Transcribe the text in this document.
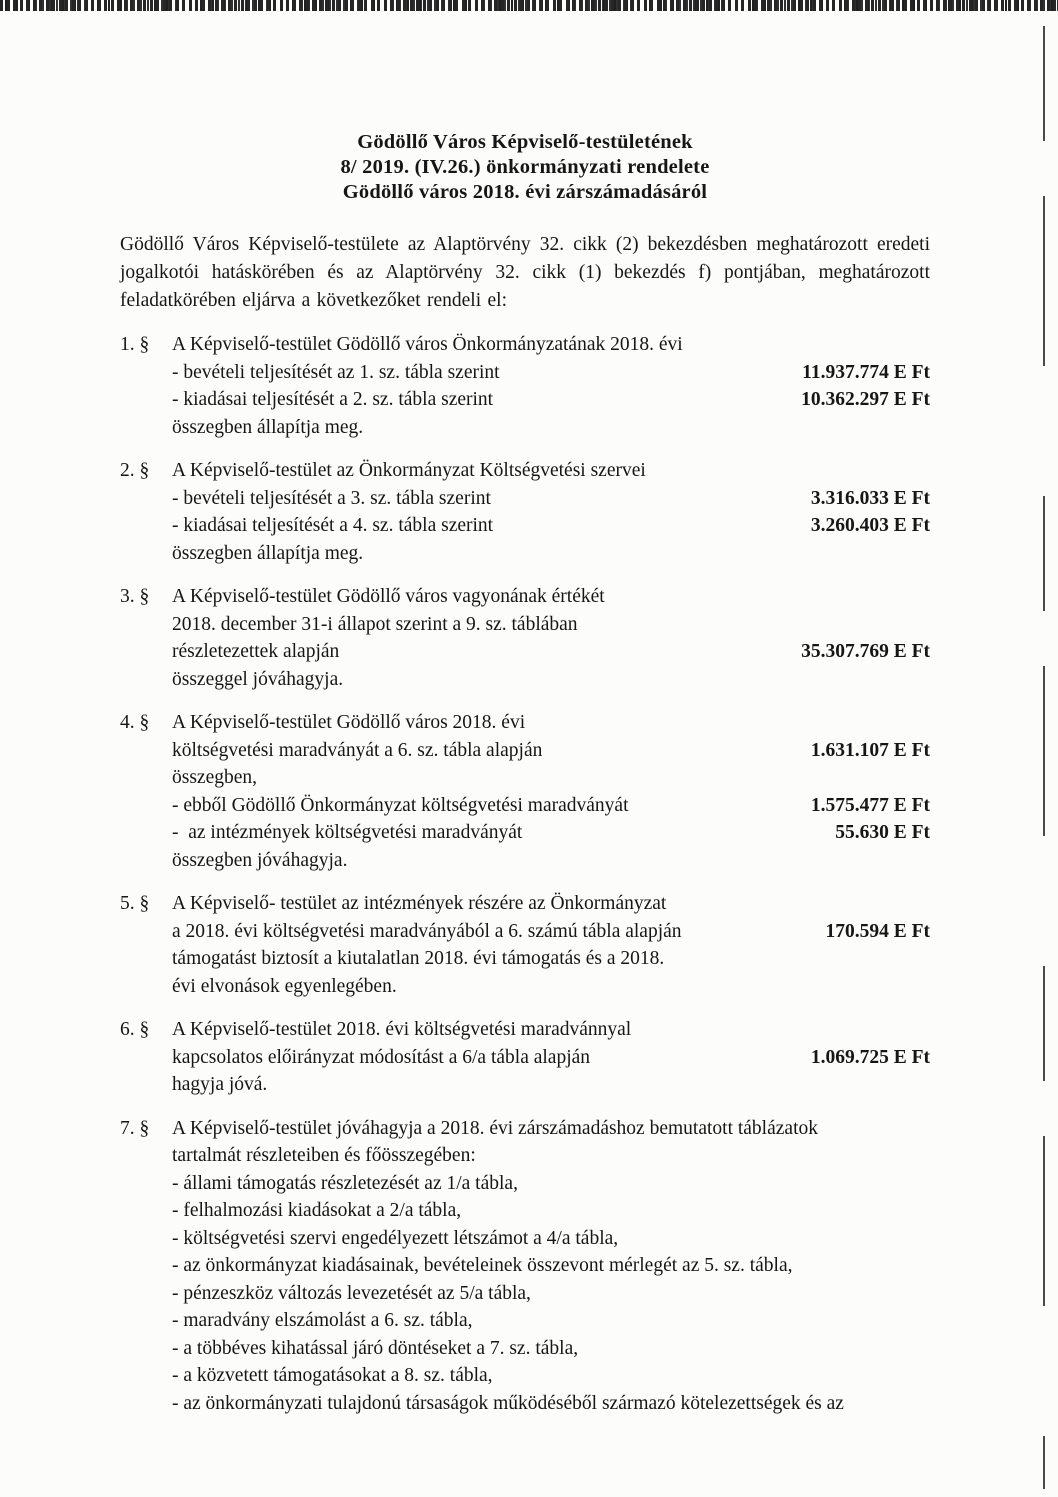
Gödöllő Város Képviselő-testületének
8/ 2019. (IV.26.) önkormányzati rendelete
Gödöllő város 2018. évi zárszámadásáról

Gödöllő Város Képviselő-testülete az Alaptörvény 32. cikk (2) bekezdésben meghatározott eredeti jogalkotói hatáskörében és az Alaptörvény 32. cikk (1) bekezdés f) pontjában, meghatározott feladatkörében eljárva a következőket rendeli el:

1. §	A Képviselő-testület Gödöllő város Önkormányzatának 2018. évi
- bevételi teljesítését az 1. sz. tábla szerint	11.937.774 E Ft
- kiadásai teljesítését a 2. sz. tábla szerint	10.362.297 E Ft
összegben állapítja meg.
2. §	A Képviselő-testület az Önkormányzat Költségvetési szervei
- bevételi teljesítését a 3. sz. tábla szerint	3.316.033 E Ft
- kiadásai teljesítését a 4. sz. tábla szerint	3.260.403 E Ft
összegben állapítja meg.
3. §	A Képviselő-testület Gödöllő város vagyonának értékét
2018. december 31-i állapot szerint a 9. sz. táblában
részletezettek alapján	35.307.769 E Ft
összeggel jóváhagyja.
4. §	A Képviselő-testület Gödöllő város 2018. évi
költségvetési maradványát a 6. sz. tábla alapján	1.631.107 E Ft
összegben,
- ebből Gödöllő Önkormányzat költségvetési maradványát	1.575.477 E Ft
-  az intézmények költségvetési maradványát	55.630 E Ft
összegben jóváhagyja.
5. §	A Képviselő- testület az intézmények részére az Önkormányzat
a 2018. évi költségvetési maradványából a 6. számú tábla alapján	170.594 E Ft
támogatást biztosít a kiutalatlan 2018. évi támogatás és a 2018.
évi elvonások egyenlegében.
6. §	A Képviselő-testület 2018. évi költségvetési maradvánnyal
kapcsolatos előirányzat módosítást a 6/a tábla alapján	1.069.725 E Ft
hagyja jóvá.
7. §	A Képviselő-testület jóváhagyja a 2018. évi zárszámadáshoz bemutatott táblázatok
tartalmát részleteiben és főösszegében:
- állami támogatás részletezését az 1/a tábla,
- felhalmozási kiadásokat a 2/a tábla,
- költségvetési szervi engedélyezett létszámot a 4/a tábla,
- az önkormányzat kiadásainak, bevételeinek összevont mérlegét az 5. sz. tábla,
- pénzeszköz változás levezetését az 5/a tábla,
- maradvány elszámolást a 6. sz. tábla,
- a többéves kihatással járó döntéseket a 7. sz. tábla,
- a közvetett támogatásokat a 8. sz. tábla,
- az önkormányzati tulajdonú társaságok működéséből származó kötelezettségek és az
